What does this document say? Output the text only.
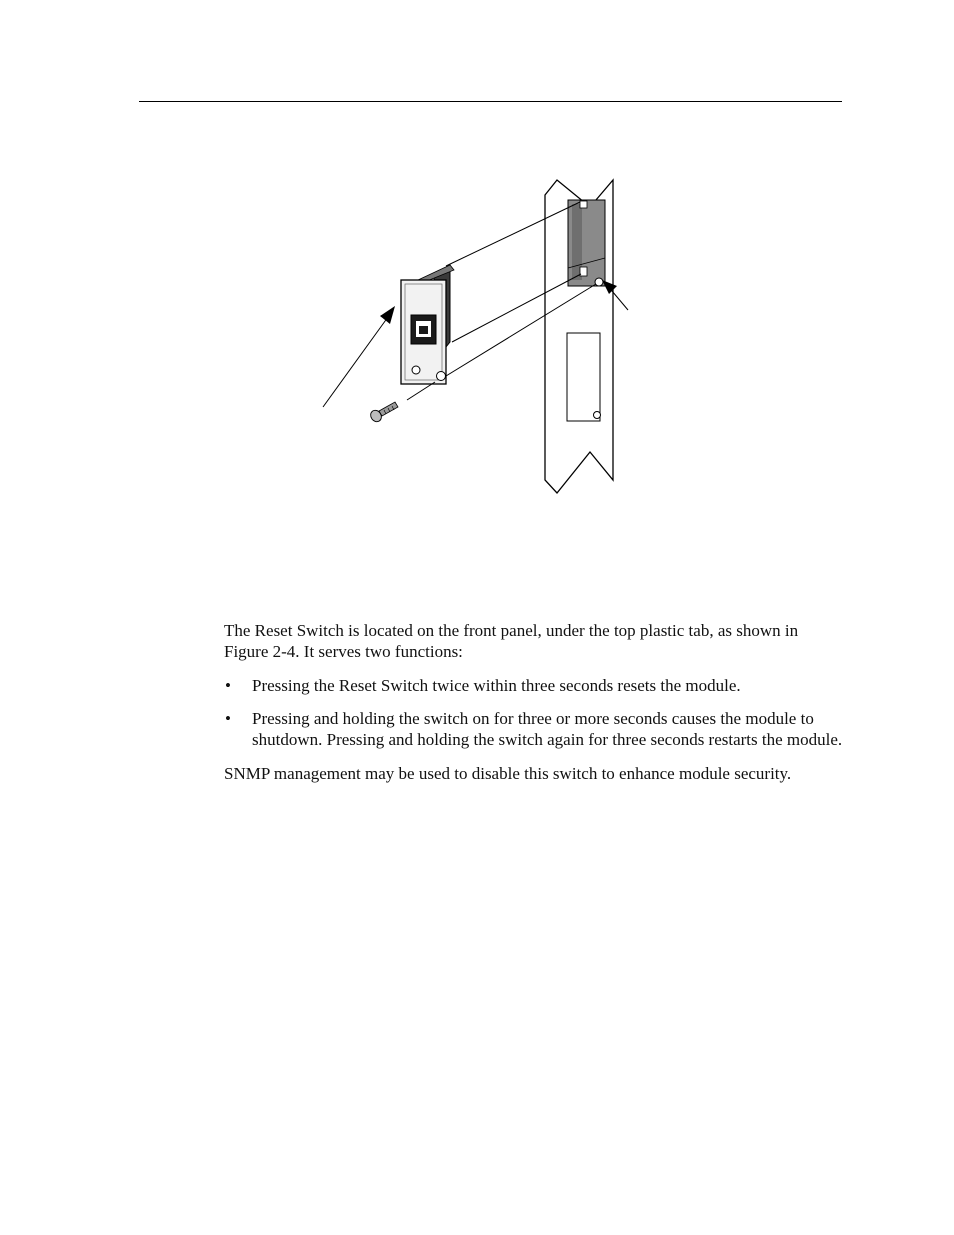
The Reset Switch is located on the front panel, under the top plastic tab, as shown in Figure 2-4. It serves two functions:

• Pressing the Reset Switch twice within three seconds resets the module.
• Pressing and holding the switch on for three or more seconds causes the module to shutdown. Pressing and holding the switch again for three seconds restarts the module.

SNMP management may be used to disable this switch to enhance module security.
